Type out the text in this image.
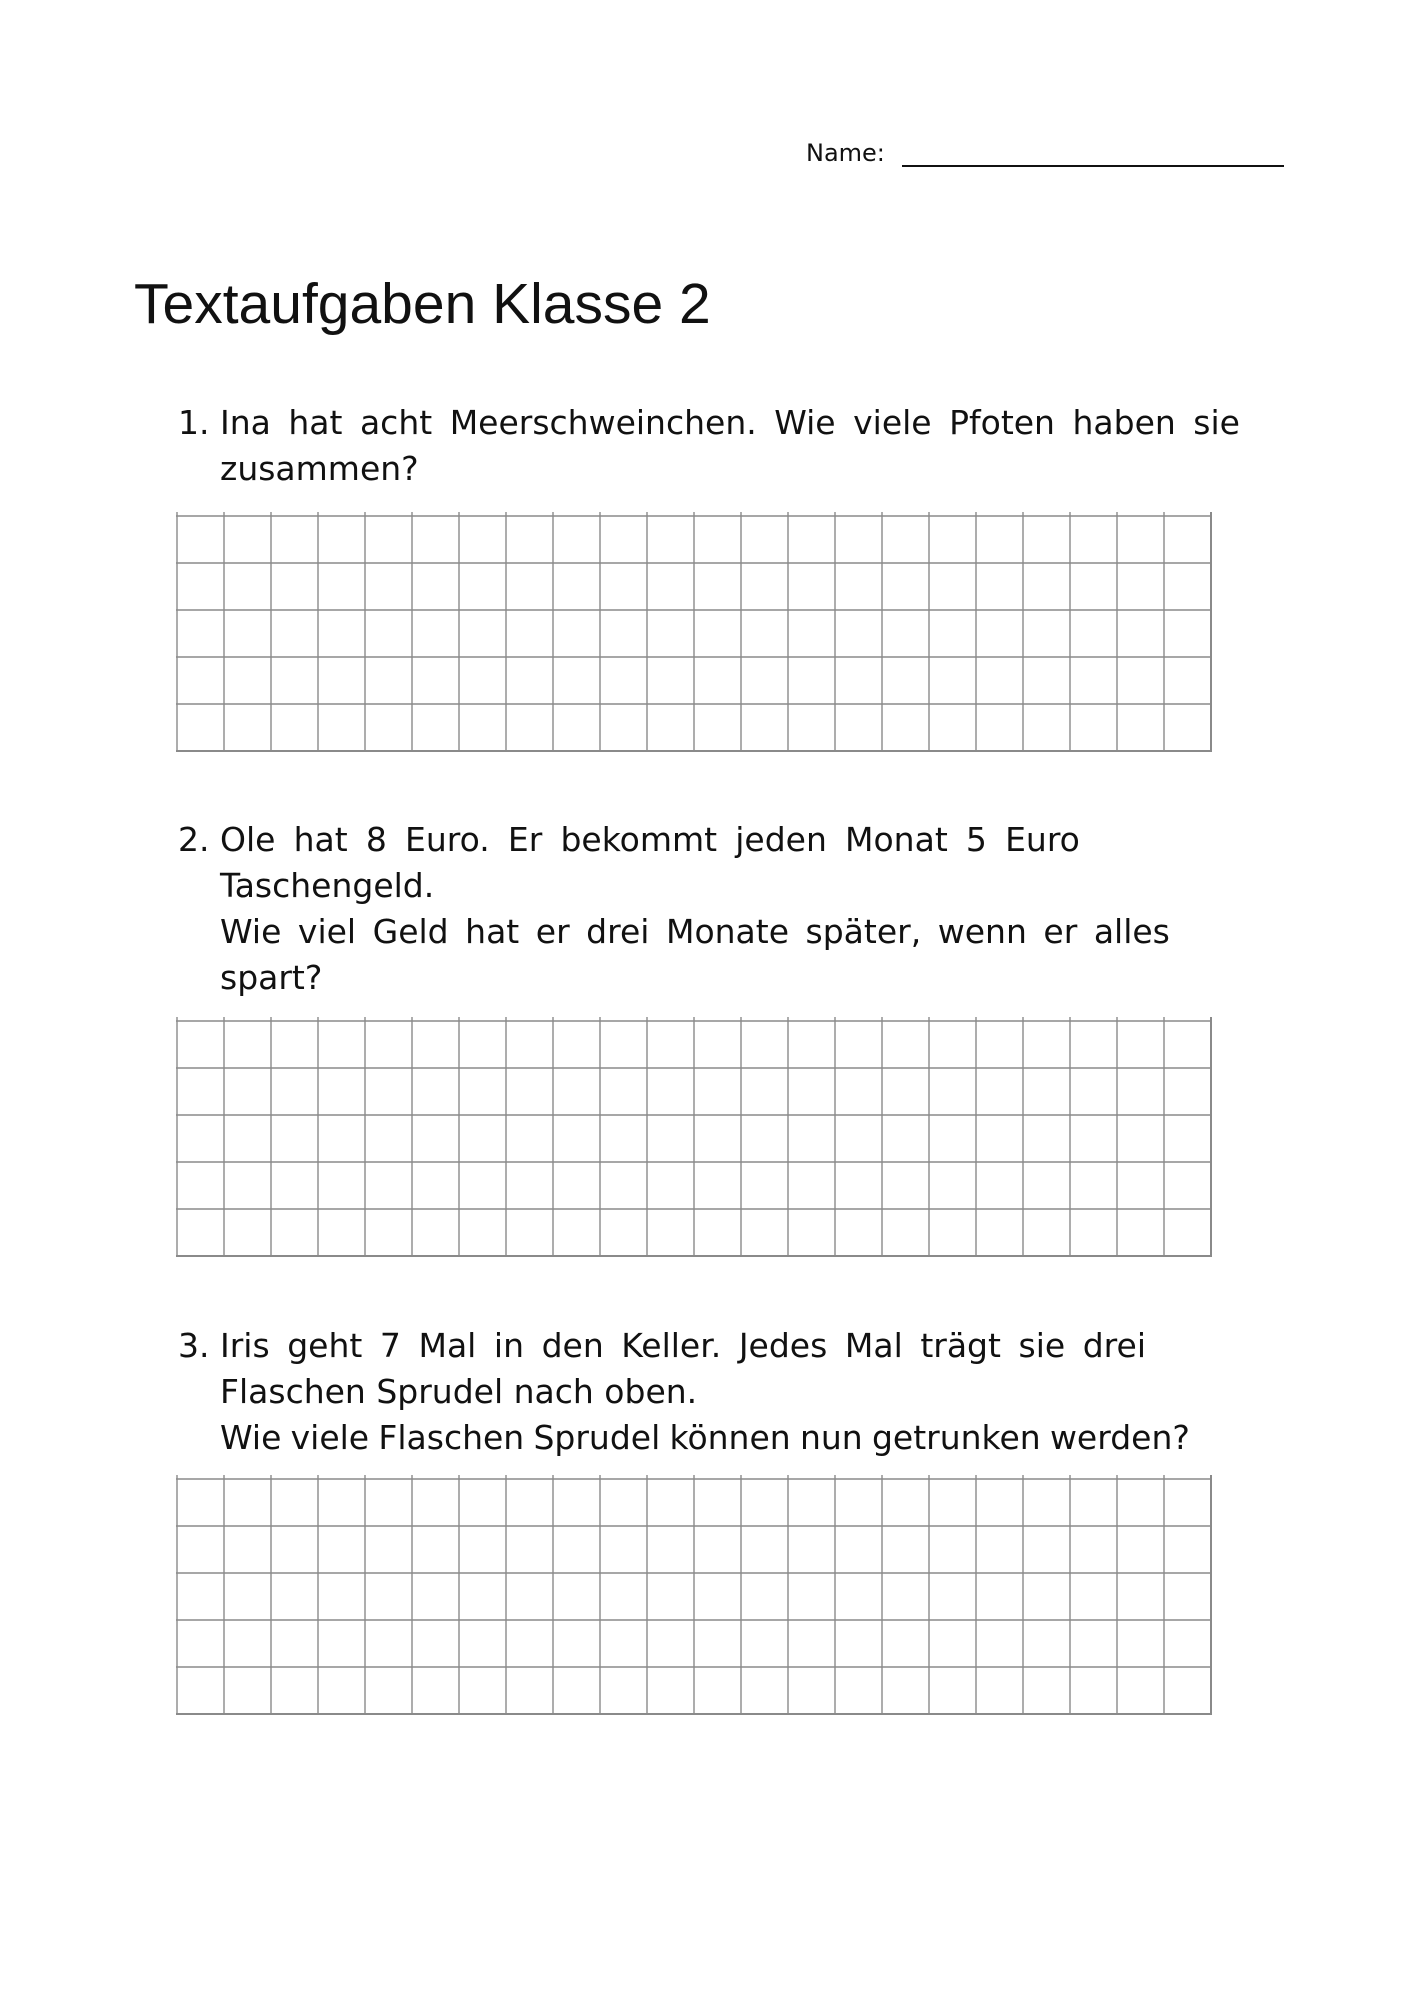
Name:
Textaufgaben Klasse 2
1. Ina hat acht Meerschweinchen. Wie viele Pfoten haben sie
zusammen?
2. Ole hat 8 Euro. Er bekommt jeden Monat 5 Euro
Taschengeld.
Wie viel Geld hat er drei Monate später, wenn er alles
spart?
3. Iris geht 7 Mal in den Keller. Jedes Mal trägt sie drei
Flaschen Sprudel nach oben.
Wie viele Flaschen Sprudel können nun getrunken werden?
